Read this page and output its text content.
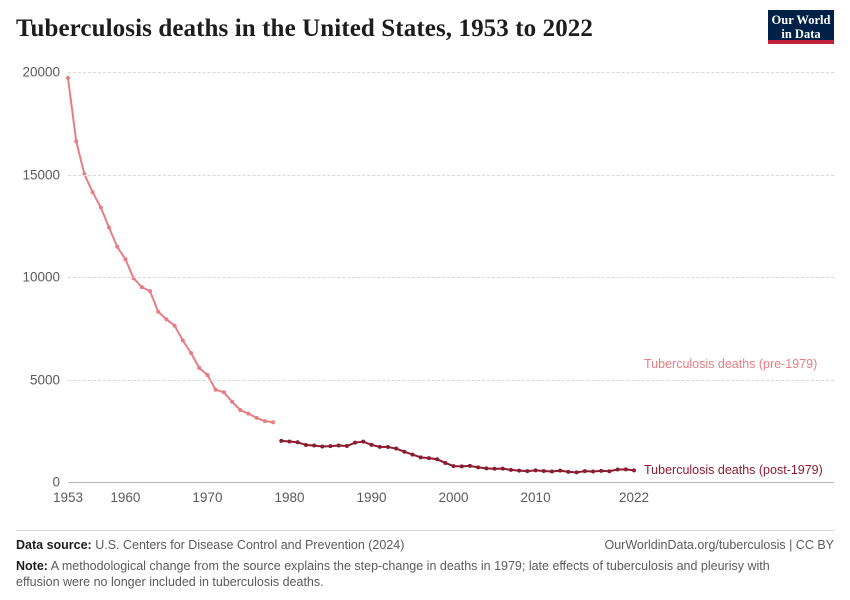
Tuberculosis deaths in the United States, 1953 to 2022	Our World
in Data
0
5000
10000
15000
20000
1953 1960	1970	1980	1990	2000	2010	2022
Tuberculosis deaths (pre-1979)
Tuberculosis deaths (post-1979)
Data source: U.S. Centers for Disease Control and Prevention (2024)	OurWorldinData.org/tuberculosis | CC BY
Note: A methodological change from the source explains the step-change in deaths in 1979; late effects of tuberculosis and pleurisy with effusion were no longer included in tuberculosis deaths.
